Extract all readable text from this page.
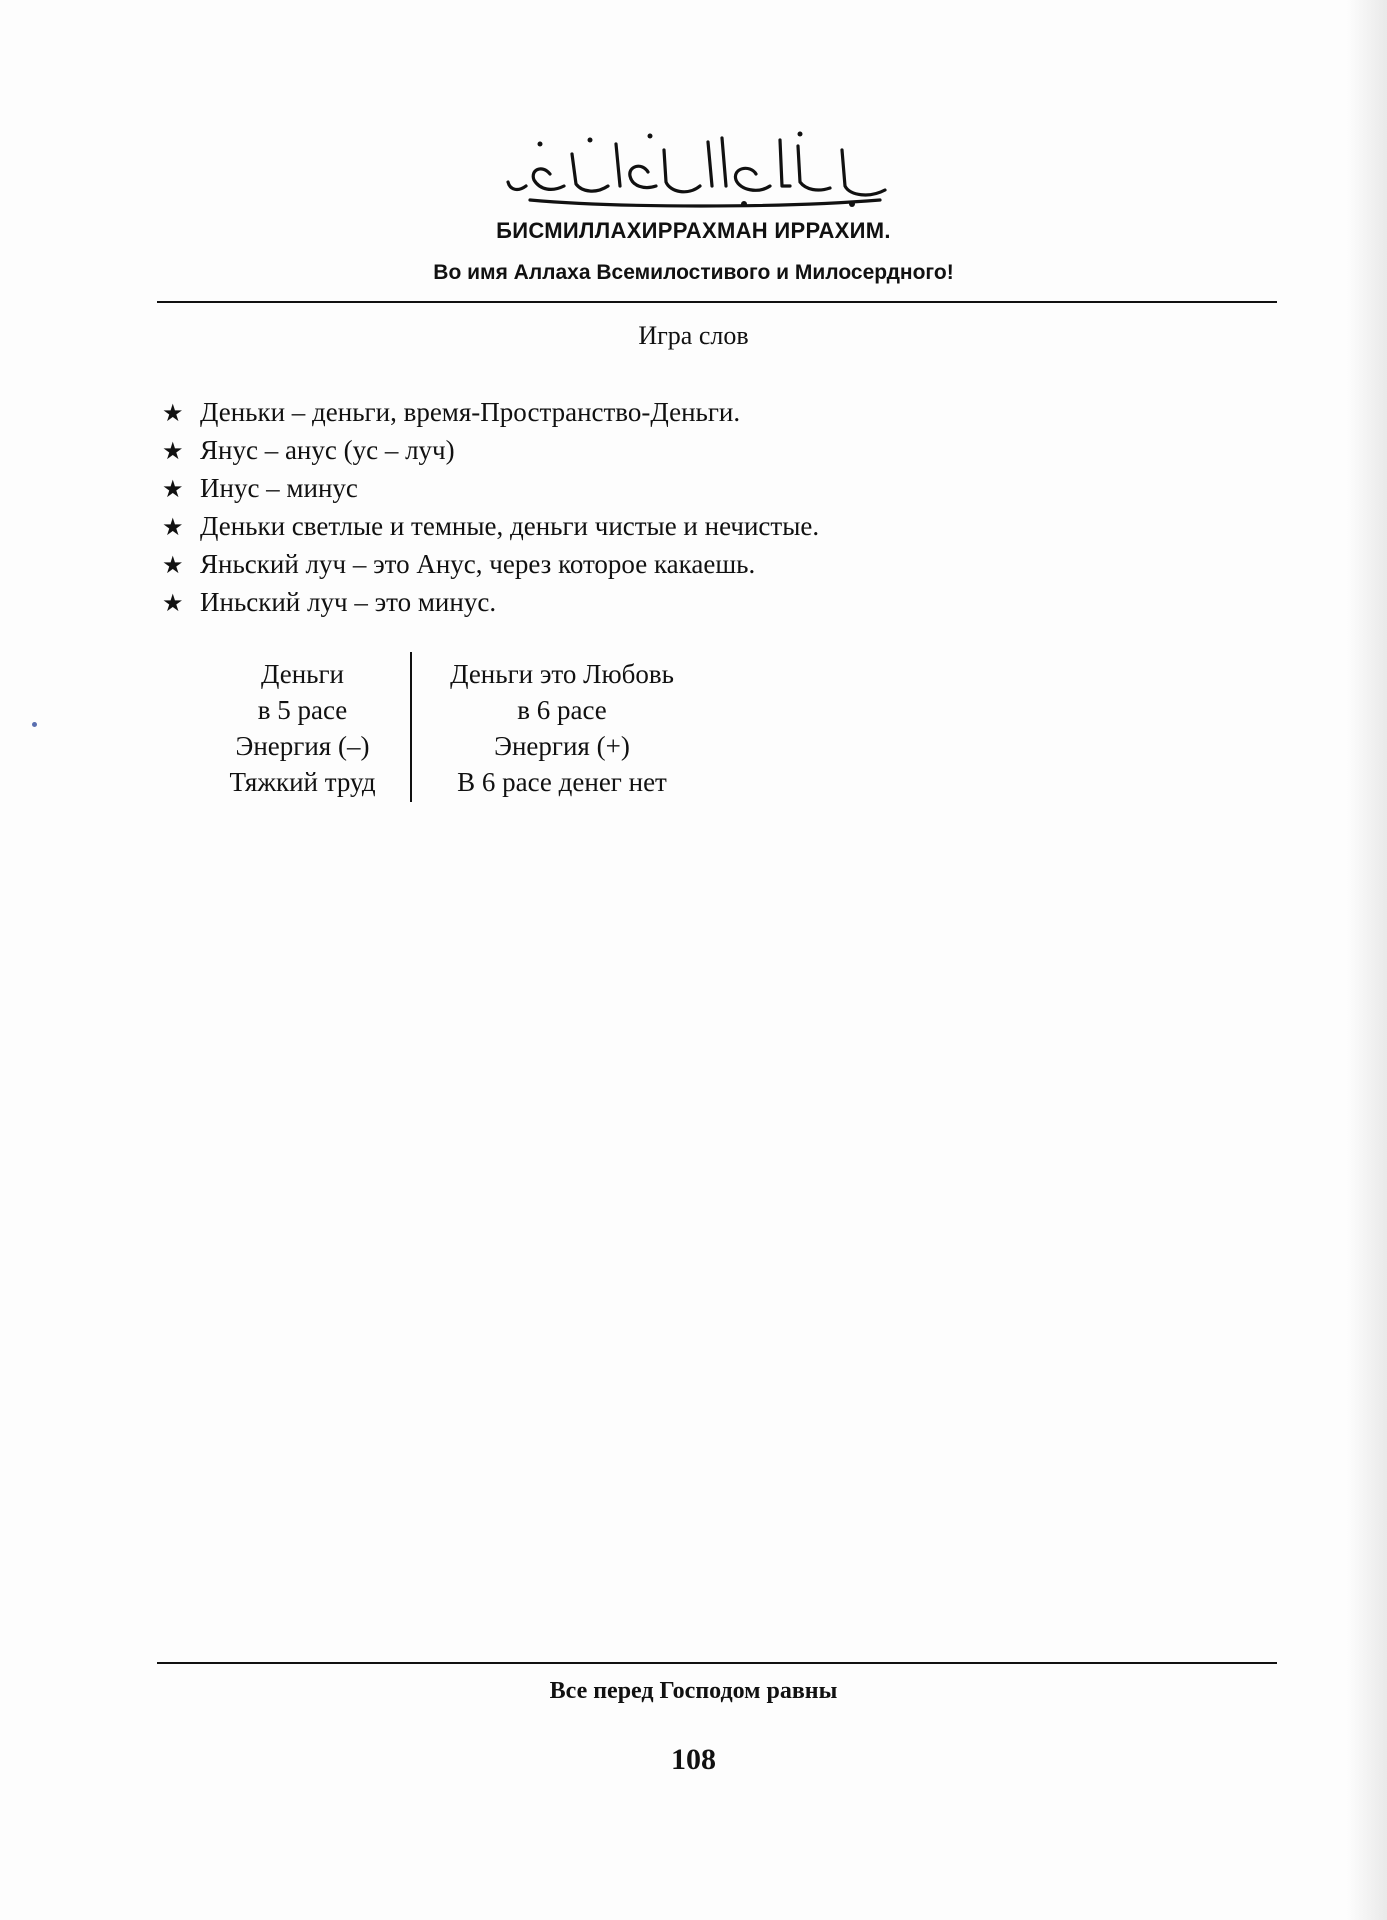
БИСМИЛЛАХИРРАХМАН ИРРАХИМ.
Во имя Аллаха Всемилостивого и Милосердного!
Игра слов
★ Деньки – деньги, время-Пространство-Деньги.
★ Янус – анус (ус – луч)
★ Инус – минус
★ Деньки светлые и темные, деньги чистые и нечистые.
★ Яньский луч – это Анус, через которое какаешь.
★ Иньский луч – это минус.
Деньги
в 5 расе
Энергия (–)
Тяжкий труд
Деньги это Любовь
в 6 расе
Энергия (+)
В 6 расе денег нет
Все перед Господом равны
108
